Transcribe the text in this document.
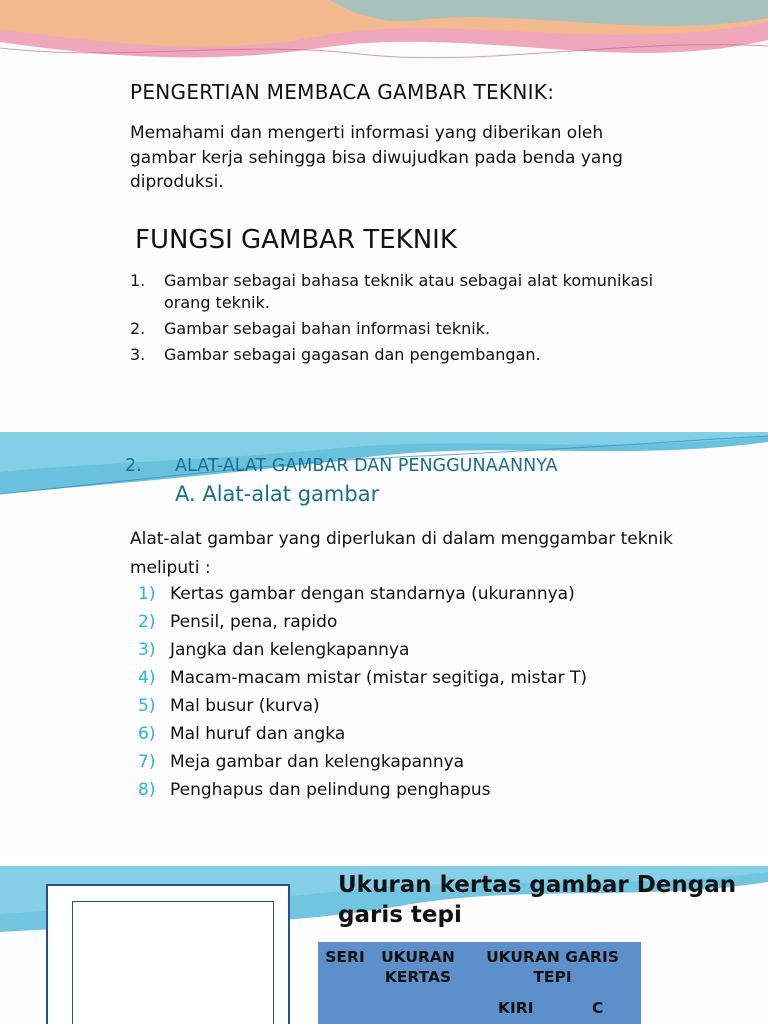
PENGERTIAN MEMBACA GAMBAR TEKNIK:
Memahami dan mengerti informasi yang diberikan oleh gambar kerja sehingga bisa diwujudkan pada benda yang diproduksi.
FUNGSI GAMBAR TEKNIK
1. Gambar sebagai bahasa teknik atau sebagai alat komunikasi orang teknik.
2. Gambar sebagai bahan informasi teknik.
3. Gambar sebagai gagasan dan pengembangan.
2. ALAT-ALAT GAMBAR DAN PENGGUNAANNYA
A. Alat-alat gambar
Alat-alat gambar yang diperlukan di dalam menggambar teknik meliputi :
1) Kertas gambar dengan standarnya (ukurannya)
2) Pensil, pena, rapido
3) Jangka dan kelengkapannya
4) Macam-macam mistar (mistar segitiga, mistar T)
5) Mal busur (kurva)
6) Mal huruf dan angka
7) Meja gambar dan kelengkapannya
8) Penghapus dan pelindung penghapus
Ukuran kertas gambar Dengan garis tepi
SERI	UKURAN KERTAS	UKURAN GARIS TEPI
KIRI	C
